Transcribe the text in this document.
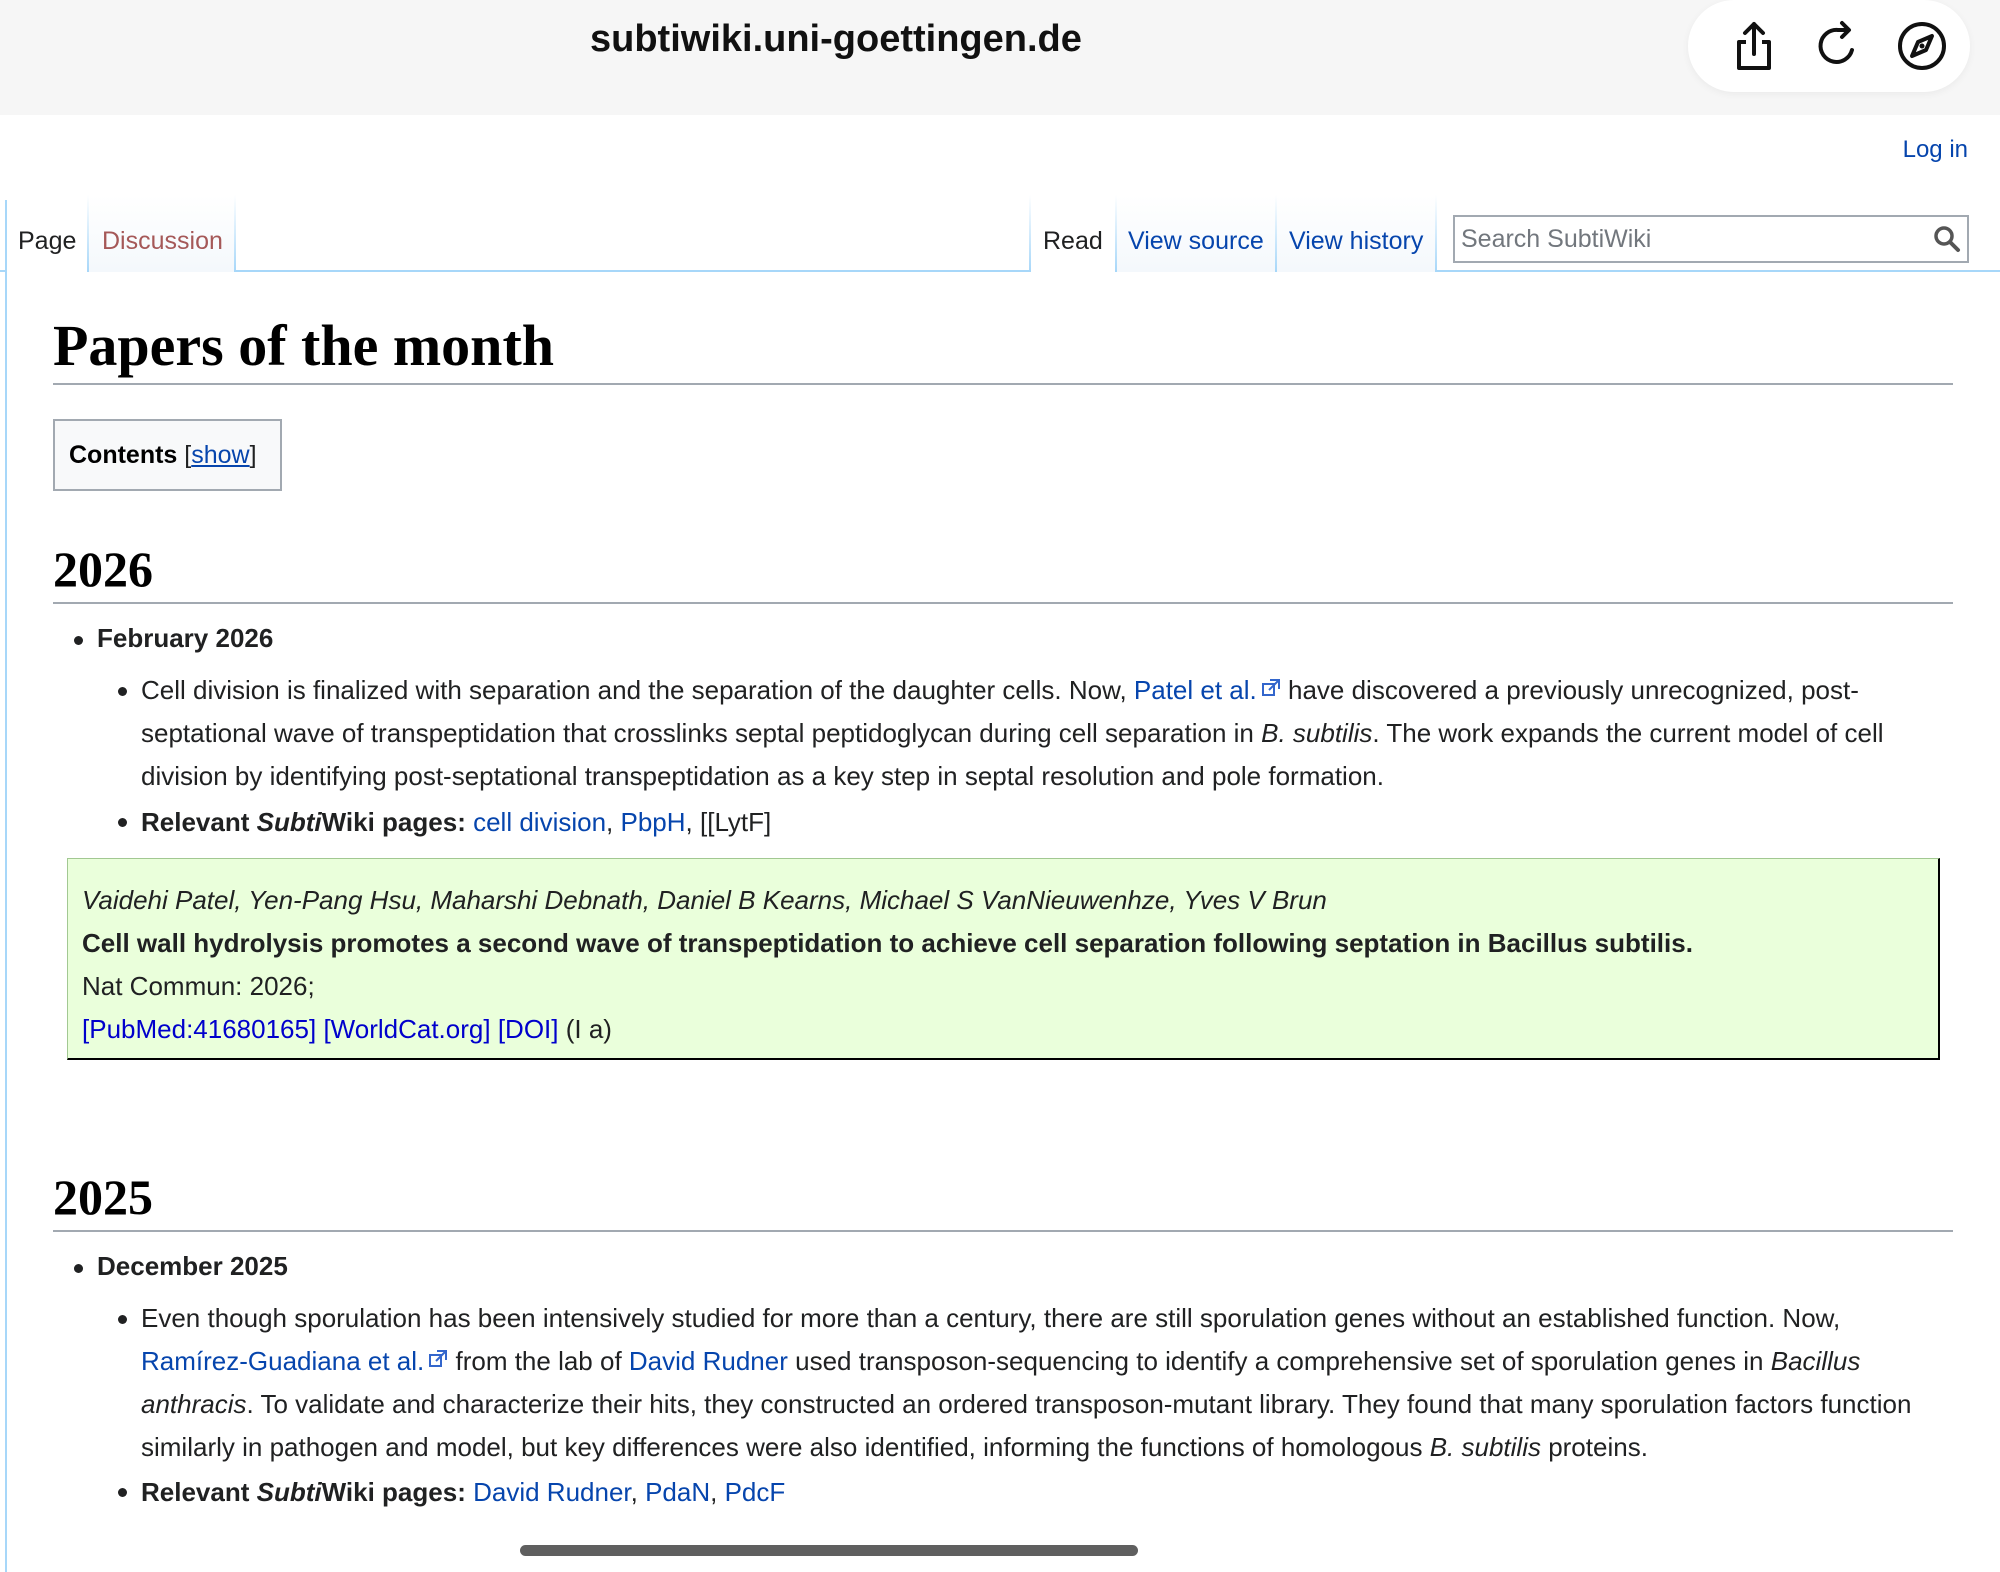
subtiwiki.uni-goettingen.de
Log in
Page	Discussion	Read	View source	View history
Search SubtiWiki
Papers of the month
Contents [show]
2026
February 2026
Cell division is finalized with separation and the separation of the daughter cells. Now, Patel et al. have discovered a previously unrecognized, post-septational wave of transpeptidation that crosslinks septal peptidoglycan during cell separation in B. subtilis. The work expands the current model of cell division by identifying post-septational transpeptidation as a key step in septal resolution and pole formation.
Relevant SubtiWiki pages: cell division, PbpH, [[LytF]
Vaidehi Patel, Yen-Pang Hsu, Maharshi Debnath, Daniel B Kearns, Michael S VanNieuwenhze, Yves V Brun
Cell wall hydrolysis promotes a second wave of transpeptidation to achieve cell separation following septation in Bacillus subtilis.
Nat Commun: 2026;
[PubMed:41680165] [WorldCat.org] [DOI] (I a)
2025
December 2025
Even though sporulation has been intensively studied for more than a century, there are still sporulation genes without an established function. Now, Ramírez-Guadiana et al. from the lab of David Rudner used transposon-sequencing to identify a comprehensive set of sporulation genes in Bacillus anthracis. To validate and characterize their hits, they constructed an ordered transposon-mutant library. They found that many sporulation factors function similarly in pathogen and model, but key differences were also identified, informing the functions of homologous B. subtilis proteins.
Relevant SubtiWiki pages: David Rudner, PdaN, PdcF
